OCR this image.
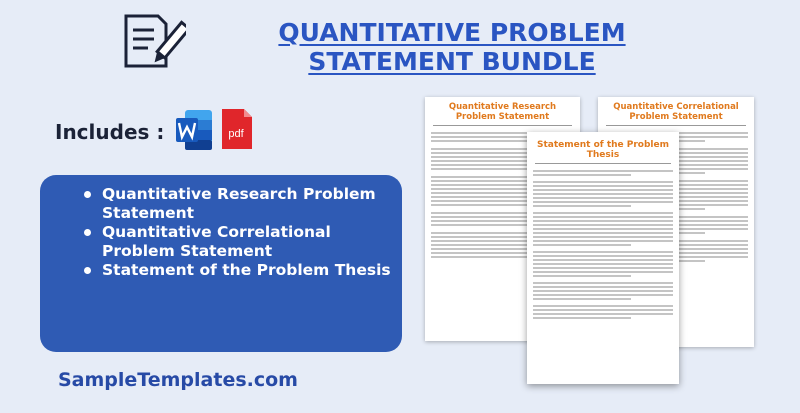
QUANTITATIVE PROBLEM STATEMENT BUNDLE
Includes :	pdf
Quantitative Research Problem Statement
Quantitative Correlational Problem Statement
Statement of the Problem Thesis
SampleTemplates.com
Quantitative Research Problem Statement
Quantitative Correlational Problem Statement
Statement of the Problem Thesis
